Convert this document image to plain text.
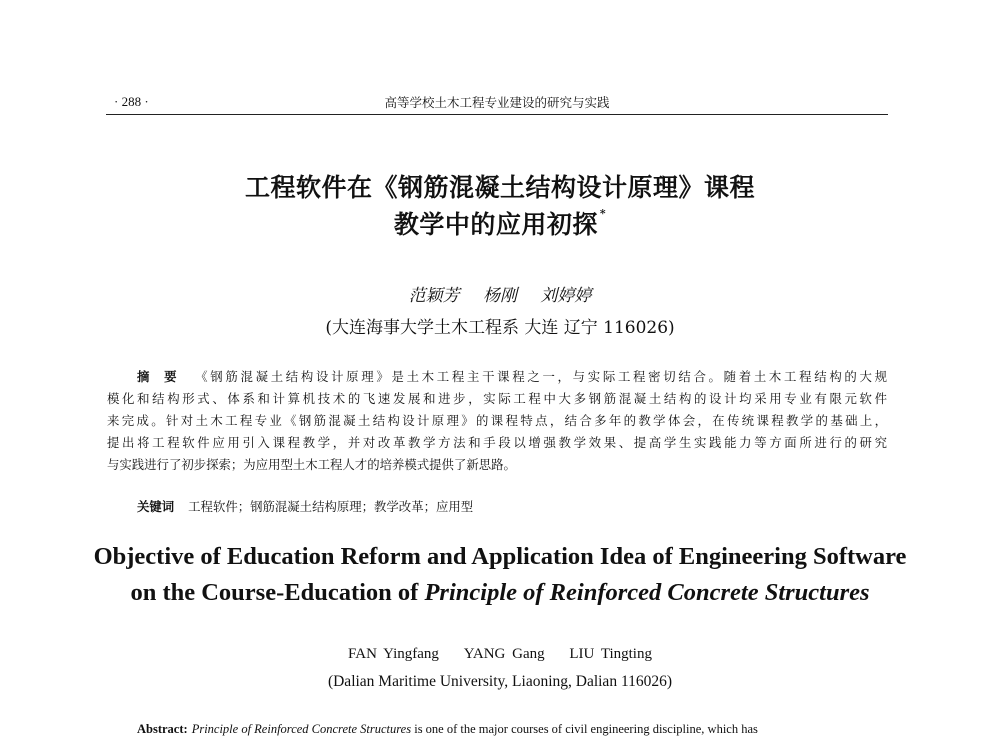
· 288 ·	高等学校土木工程专业建设的研究与实践
工程软件在《钢筋混凝土结构设计原理》课程
教学中的应用初探 *
范颖芳 杨刚 刘婷婷
(大连海事大学土木工程系 大连 辽宁 116026)
摘要 《钢筋混凝土结构设计原理》是土木工程主干课程之一，与实际工程密切结合。随着土木工程结构的大规
模化和结构形式、体系和计算机技术的飞速发展和进步，实际工程中大多钢筋混凝土结构的设计均采用专业有限元软件
来完成。针对土木工程专业《钢筋混凝土结构设计原理》的课程特点，结合多年的教学体会，在传统课程教学的基础上，
提出将工程软件应用引入课程教学，并对改革教学方法和手段以增强教学效果、提高学生实践能力等方面所进行的研究
与实践进行了初步探索；为应用型土木工程人才的培养模式提供了新思路。
关键词 工程软件；钢筋混凝土结构原理；教学改革；应用型
Objective of Education Reform and Application Idea of Engineering Software
on the Course-Education of Principle of Reinforced Concrete Structures
FAN Yingfang YANG Gang LIU Tingting
(Dalian Maritime University, Liaoning, Dalian 116026)
Abstract: Principle of Reinforced Concrete Structures is one of the major courses of civil engineering discipline, which has
